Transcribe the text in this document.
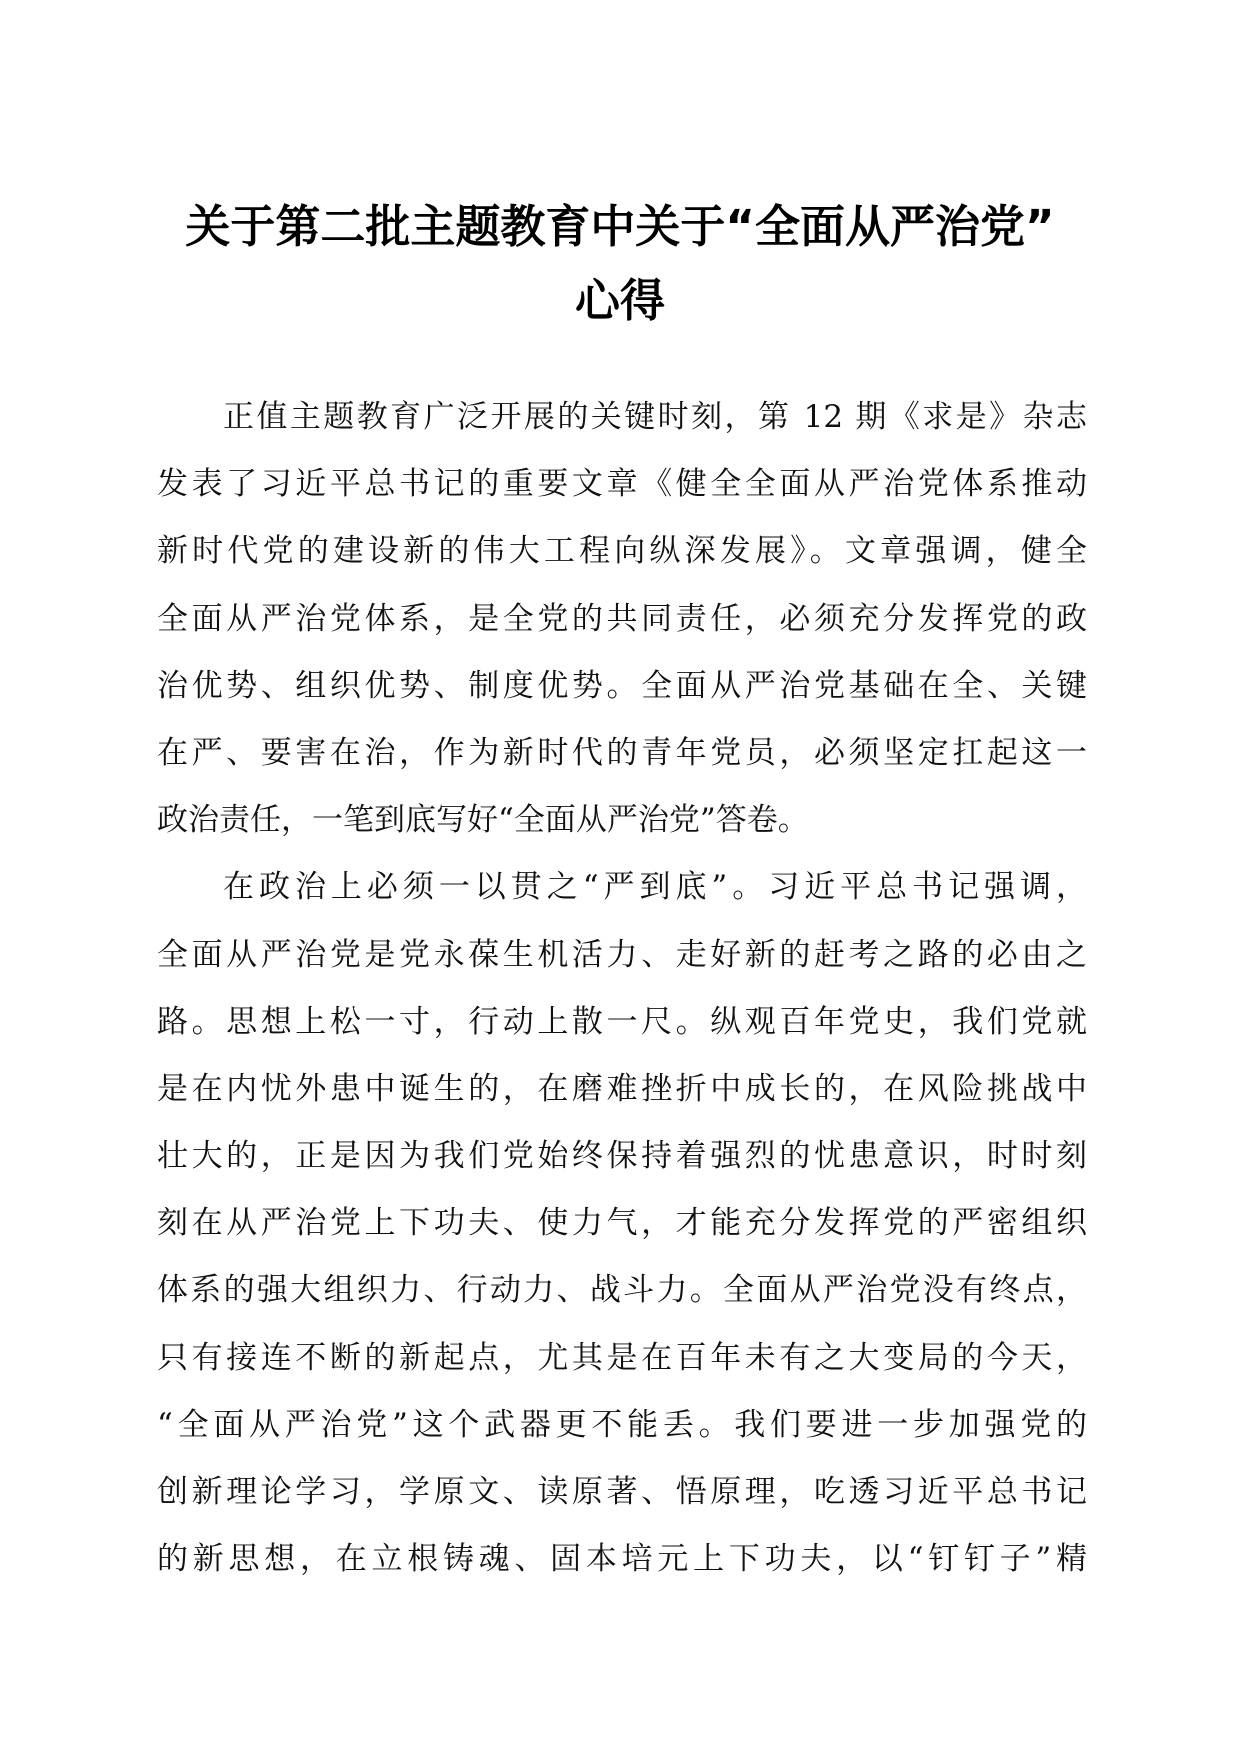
关于第二批主题教育中关于“全面从严治党”
心得
正值主题教育广泛开展的关键时刻，第 12 期《求是》杂志
发表了习近平总书记的重要文章《健全全面从严治党体系推动
新时代党的建设新的伟大工程向纵深发展》。文章强调，健全
全面从严治党体系，是全党的共同责任，必须充分发挥党的政
治优势、组织优势、制度优势。全面从严治党基础在全、关键
在严、要害在治，作为新时代的青年党员，必须坚定扛起这一
政治责任，一笔到底写好“全面从严治党”答卷。
在政治上必须一以贯之“严到底”。习近平总书记强调，
全面从严治党是党永葆生机活力、走好新的赶考之路的必由之
路。思想上松一寸，行动上散一尺。纵观百年党史，我们党就
是在内忧外患中诞生的，在磨难挫折中成长的，在风险挑战中
壮大的，正是因为我们党始终保持着强烈的忧患意识，时时刻
刻在从严治党上下功夫、使力气，才能充分发挥党的严密组织
体系的强大组织力、行动力、战斗力。全面从严治党没有终点，
只有接连不断的新起点，尤其是在百年未有之大变局的今天，
“全面从严治党”这个武器更不能丢。我们要进一步加强党的
创新理论学习，学原文、读原著、悟原理，吃透习近平总书记
的新思想，在立根铸魂、固本培元上下功夫，以“钉钉子”精
